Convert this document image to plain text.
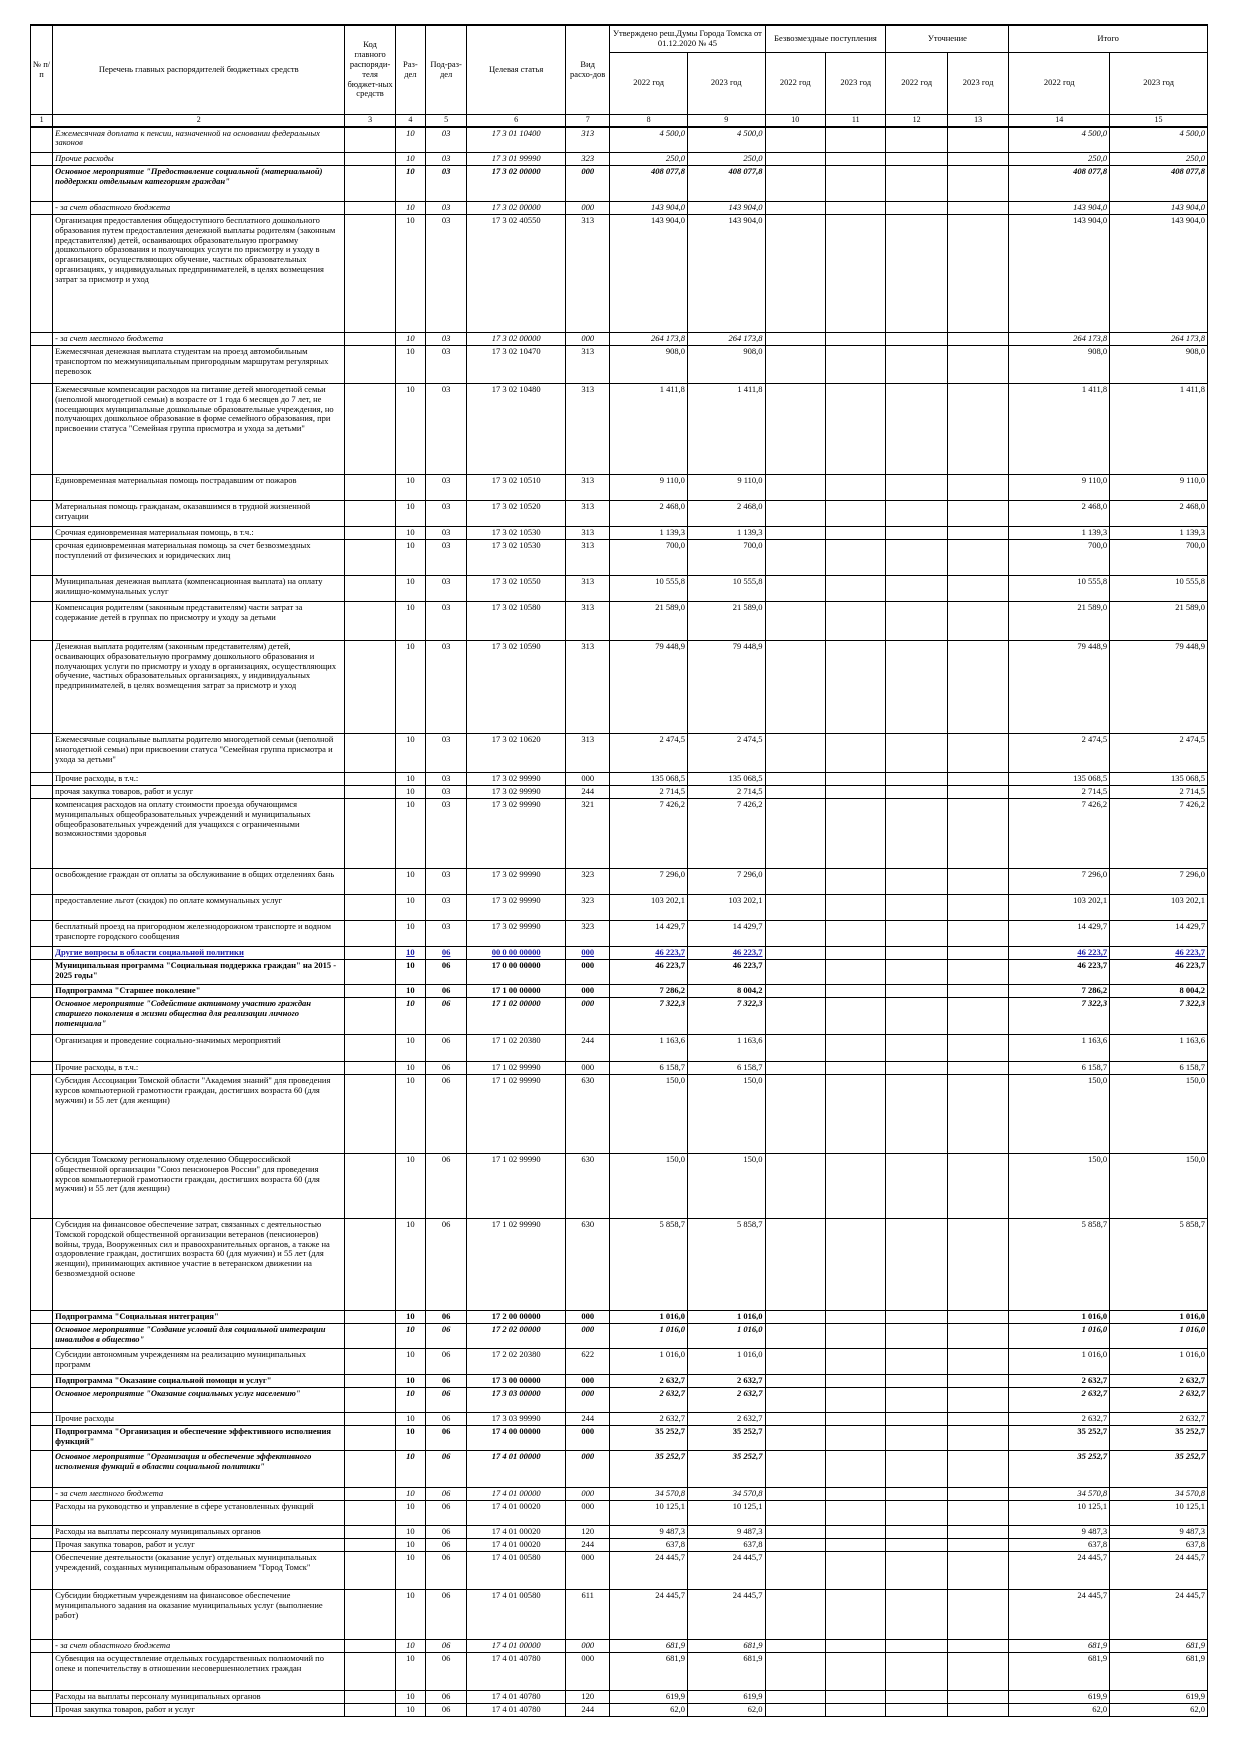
№ п/п	Перечень главных распорядителей бюджетных средств	Код главного распоряди-теля бюджет-ных средств	Раз-дел	Под-раз-дел	Целевая статья	Вид расхо-дов	Утверждено реш.Думы Города Томска от 01.12.2020 № 45		Безвозмездные поступления		Уточнение		Итого	
							2022 год	2023 год	2022 год	2023 год	2022 год	2023 год	2022 год	2023 год
1	2	3	4	5	6	7	8	9	10	11	12	13	14	15
	Ежемесячная доплата к пенсии, назначенной на основании федеральных законов		10	03	17 3 01 10400	313	4 500,0	4 500,0					4 500,0	4 500,0
	Прочие расходы		10	03	17 3 01 99990	323	250,0	250,0					250,0	250,0
	Основное мероприятие "Предоставление социальной (материальной) поддержки отдельным категориям граждан"		10	03	17 3 02 00000	000	408 077,8	408 077,8					408 077,8	408 077,8
	- за счет областного бюджета		10	03	17 3 02 00000	000	143 904,0	143 904,0					143 904,0	143 904,0
	Организация предоставления общедоступного бесплатного дошкольного образования путем предоставления денежной выплаты родителям (законным представителям) детей, осваивающих образовательную программу дошкольного образования и получающих услуги по присмотру и уходу в организациях, осуществляющих обучение, частных образовательных организациях, у индивидуальных предпринимателей, в целях возмещения затрат за присмотр и уход		10	03	17 3 02 40550	313	143 904,0	143 904,0					143 904,0	143 904,0
	- за счет местного бюджета		10	03	17 3 02 00000	000	264 173,8	264 173,8					264 173,8	264 173,8
	Ежемесячная денежная выплата студентам на проезд автомобильным транспортом по межмуниципальным пригородным маршрутам регулярных перевозок		10	03	17 3 02 10470	313	908,0	908,0					908,0	908,0
	Ежемесячные компенсации расходов на питание детей многодетной семьи (неполной многодетной семьи) в возрасте от 1 года 6 месяцев до 7 лет, не посещающих муниципальные дошкольные образовательные учреждения, но получающих дошкольное образование в форме семейного образования, при присвоении статуса "Семейная группа присмотра и ухода за детьми"		10	03	17 3 02 10480	313	1 411,8	1 411,8					1 411,8	1 411,8
	Единовременная материальная помощь пострадавшим от пожаров		10	03	17 3 02 10510	313	9 110,0	9 110,0					9 110,0	9 110,0
	Материальная помощь гражданам, оказавшимся в трудной жизненной ситуации		10	03	17 3 02 10520	313	2 468,0	2 468,0					2 468,0	2 468,0
	Срочная единовременная материальная помощь, в т.ч.:		10	03	17 3 02 10530	313	1 139,3	1 139,3					1 139,3	1 139,3
	срочная единовременная материальная помощь за счет безвозмездных поступлений от физических и юридических лиц		10	03	17 3 02 10530	313	700,0	700,0					700,0	700,0
	Муниципальная денежная выплата (компенсационная выплата) на оплату жилищно-коммунальных услуг		10	03	17 3 02 10550	313	10 555,8	10 555,8					10 555,8	10 555,8
	Компенсация родителям (законным представителям) части затрат за содержание детей в группах по присмотру и уходу за детьми		10	03	17 3 02 10580	313	21 589,0	21 589,0					21 589,0	21 589,0
	Денежная выплата родителям (законным представителям) детей, осваивающих образовательную программу дошкольного образования и получающих услуги по присмотру и уходу в организациях, осуществляющих обучение, частных образовательных организациях, у индивидуальных предпринимателей, в целях возмещения затрат за присмотр и уход		10	03	17 3 02 10590	313	79 448,9	79 448,9					79 448,9	79 448,9
	Ежемесячные социальные выплаты родителю многодетной семьи (неполной многодетной семьи) при присвоении статуса "Семейная группа присмотра и ухода за детьми"		10	03	17 3 02 10620	313	2 474,5	2 474,5					2 474,5	2 474,5
	Прочие расходы, в т.ч.:		10	03	17 3 02 99990	000	135 068,5	135 068,5					135 068,5	135 068,5
	прочая закупка товаров, работ и услуг		10	03	17 3 02 99990	244	2 714,5	2 714,5					2 714,5	2 714,5
	компенсация расходов на оплату стоимости проезда обучающимся муниципальных общеобразовательных учреждений и муниципальных общеобразовательных учреждений для учащихся с ограниченными возможностями здоровья		10	03	17 3 02 99990	321	7 426,2	7 426,2					7 426,2	7 426,2
	освобождение граждан от оплаты за обслуживание в общих отделениях бань		10	03	17 3 02 99990	323	7 296,0	7 296,0					7 296,0	7 296,0
	предоставление льгот (скидок) по оплате коммунальных услуг		10	03	17 3 02 99990	323	103 202,1	103 202,1					103 202,1	103 202,1
	бесплатный проезд на пригородном железнодорожном транспорте и водном транспорте городского сообщения		10	03	17 3 02 99990	323	14 429,7	14 429,7					14 429,7	14 429,7
	Другие вопросы в области социальной политики		10	06	00 0 00 00000	000	46 223,7	46 223,7					46 223,7	46 223,7
	Муниципальная программа "Социальная поддержка граждан" на 2015 - 2025 годы"		10	06	17 0 00 00000	000	46 223,7	46 223,7					46 223,7	46 223,7
	Подпрограмма "Старшее поколение"		10	06	17 1 00 00000	000	7 286,2	8 004,2					7 286,2	8 004,2
	Основное мероприятие "Содействие активному участию граждан старшего поколения в жизни общества для реализации личного потенциала"		10	06	17 1 02 00000	000	7 322,3	7 322,3					7 322,3	7 322,3
	Организация и проведение социально-значимых мероприятий		10	06	17 1 02 20380	244	1 163,6	1 163,6					1 163,6	1 163,6
	Прочие расходы, в т.ч.:		10	06	17 1 02 99990	000	6 158,7	6 158,7					6 158,7	6 158,7
	Субсидия Ассоциации Томской области "Академия знаний" для проведения курсов компьютерной грамотности граждан, достигших возраста 60 (для мужчин) и 55 лет (для женщин)		10	06	17 1 02 99990	630	150,0	150,0					150,0	150,0
	Субсидия Томскому региональному отделению Общероссийской общественной организации "Союз пенсионеров России" для проведения курсов компьютерной грамотности граждан, достигших возраста 60 (для мужчин) и 55 лет (для женщин)		10	06	17 1 02 99990	630	150,0	150,0					150,0	150,0
	Субсидия на финансовое обеспечение затрат, связанных с деятельностью Томской городской общественной организации ветеранов (пенсионеров) войны, труда, Вооруженных сил и правоохранительных органов, а также на оздоровление граждан, достигших возраста 60 (для мужчин) и 55 лет (для женщин), принимающих активное участие в ветеранском движении на безвозмездной основе		10	06	17 1 02 99990	630	5 858,7	5 858,7					5 858,7	5 858,7
	Подпрограмма "Социальная интеграция"		10	06	17 2 00 00000	000	1 016,0	1 016,0					1 016,0	1 016,0
	Основное мероприятие "Создание условий для социальной интеграции инвалидов в общество"		10	06	17 2 02 00000	000	1 016,0	1 016,0					1 016,0	1 016,0
	Субсидии автономным учреждениям на реализацию муниципальных программ		10	06	17 2 02 20380	622	1 016,0	1 016,0					1 016,0	1 016,0
	Подпрограмма "Оказание социальной помощи и услуг"		10	06	17 3 00 00000	000	2 632,7	2 632,7					2 632,7	2 632,7
	Основное мероприятие "Оказание социальных услуг населению"		10	06	17 3 03 00000	000	2 632,7	2 632,7					2 632,7	2 632,7
	Прочие расходы		10	06	17 3 03 99990	244	2 632,7	2 632,7					2 632,7	2 632,7
	Подпрограмма "Организация и обеспечение эффективного исполнения функций"		10	06	17 4 00 00000	000	35 252,7	35 252,7					35 252,7	35 252,7
	Основное мероприятие "Организация и обеспечение эффективного исполнения функций в области социальной политики"		10	06	17 4 01 00000	000	35 252,7	35 252,7					35 252,7	35 252,7
	- за счет местного бюджета		10	06	17 4 01 00000	000	34 570,8	34 570,8					34 570,8	34 570,8
	Расходы на руководство и управление в сфере установленных функций		10	06	17 4 01 00020	000	10 125,1	10 125,1					10 125,1	10 125,1
	Расходы на выплаты персоналу муниципальных органов		10	06	17 4 01 00020	120	9 487,3	9 487,3					9 487,3	9 487,3
	Прочая закупка товаров, работ и услуг		10	06	17 4 01 00020	244	637,8	637,8					637,8	637,8
	Обеспечение деятельности (оказание услуг) отдельных муниципальных учреждений, созданных муниципальным образованием "Город Томск"		10	06	17 4 01 00580	000	24 445,7	24 445,7					24 445,7	24 445,7
	Субсидии бюджетным учреждениям на финансовое обеспечение муниципального задания на оказание муниципальных услуг (выполнение работ)		10	06	17 4 01 00580	611	24 445,7	24 445,7					24 445,7	24 445,7
	- за счет областного бюджета		10	06	17 4 01 00000	000	681,9	681,9					681,9	681,9
	Субвенция на осуществление отдельных государственных полномочий по опеке и попечительству в отношении несовершеннолетних граждан		10	06	17 4 01 40780	000	681,9	681,9					681,9	681,9
	Расходы на выплаты персоналу муниципальных органов		10	06	17 4 01 40780	120	619,9	619,9					619,9	619,9
	Прочая закупка товаров, работ и услуг		10	06	17 4 01 40780	244	62,0	62,0					62,0	62,0
